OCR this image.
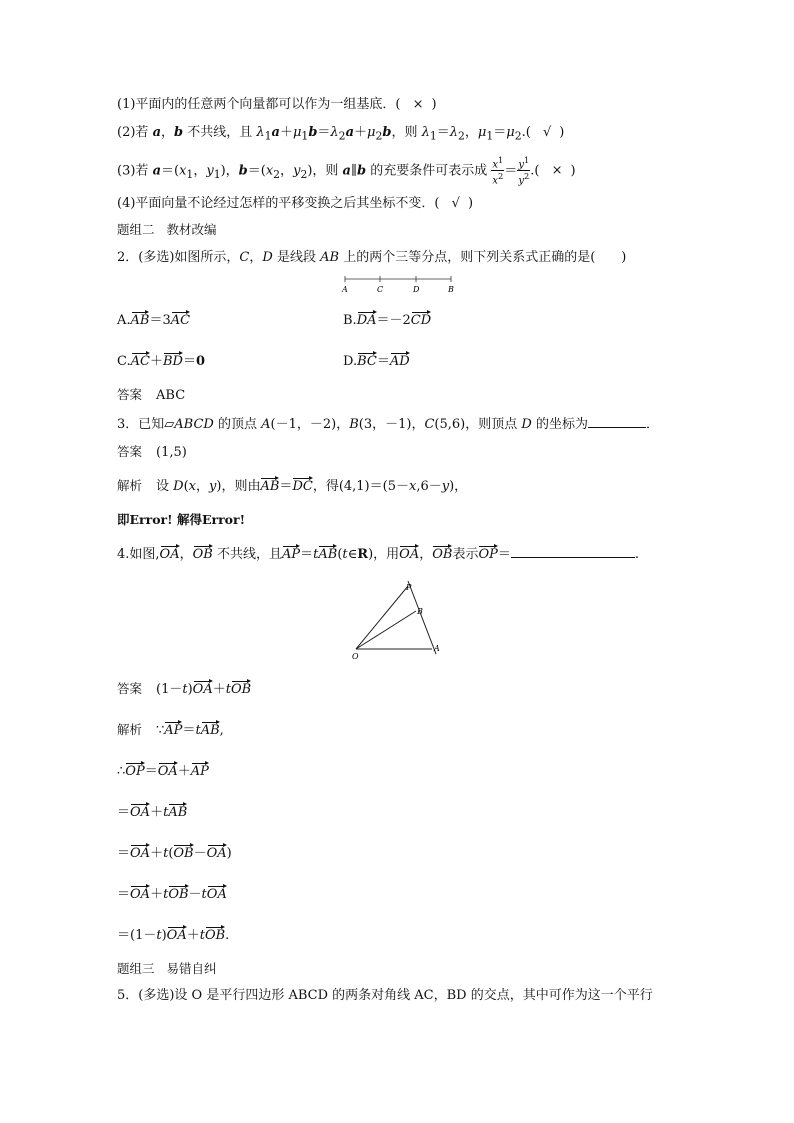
(1)平面内的任意两个向量都可以作为一组基底．( × )
(2)若 a，b 不共线，且 $\lambda_1a+\mu_1b=\lambda_2a+\mu_2b$，则 $\lambda_1=\lambda_2$，$\mu_1=\mu_2$.( √ )
(3)若 $a=(x_1$，$y_1$)，$b=(x_2$，$y_2$)，则 a∥b 的充要条件可表示成 $\frac{x^1}{x^2} = \frac{y^1}{y^2}$ .( × )
(4)平面向量不论经过怎样的平移变换之后其坐标不变．( √ )
题组二 教材改编
2．(多选)如图所示，C，D 是线段 AB 上的两个三等分点，则下列关系式正确的是(　　)
A	C	D	B
A.AB＝3AC	B.DA＝－2CD
C.AC＋BD＝0	D.BC＝AD
答案 ABC
3．已知▱ABCD 的顶点 A(－1，－2)，B(3，－1)，C(5,6)，则顶点 D 的坐标为	．
答案 (1,5)
解析 设 D(x，y)，则由AB＝DC，得(4,1)＝(5－x,6－y)，
即Error! 解得Error!
4.如图,OA，OB 不共线，且AP＝tAB(t∈R)，用OA，OB表示OP＝	.
P
B
O
A
答案 (1－t)OA＋tOB
解析 ∵AP＝tAB,
∴OP＝OA＋AP
＝OA＋tAB
＝OA＋t(OB－OA)
＝OA＋tOB－tOA
＝(1－t)OA＋tOB.
题组三 易错自纠
5．(多选)设 O 是平行四边形 ABCD 的两条对角线 AC，BD 的交点，其中可作为这一个平行
